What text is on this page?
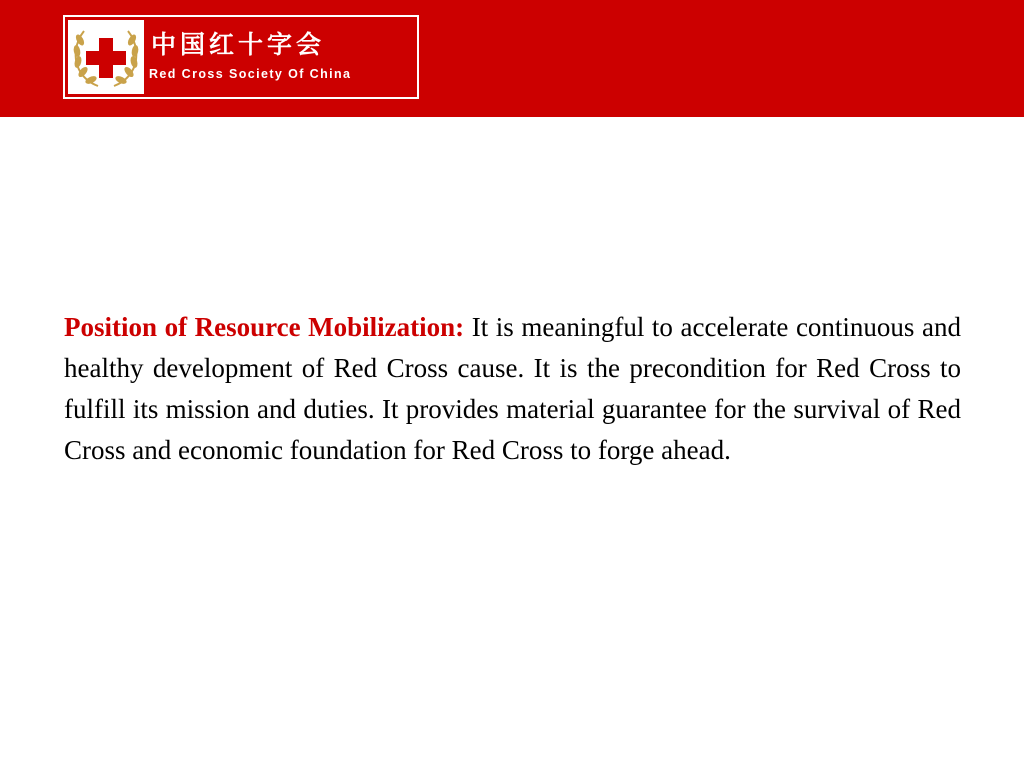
中国红十字会
Red Cross Society Of China

Position of Resource Mobilization: It is meaningful to accelerate continuous and healthy development of Red Cross cause. It is the precondition for Red Cross to fulfill its mission and duties. It provides material guarantee for the survival of Red Cross and economic foundation for Red Cross to forge ahead.
